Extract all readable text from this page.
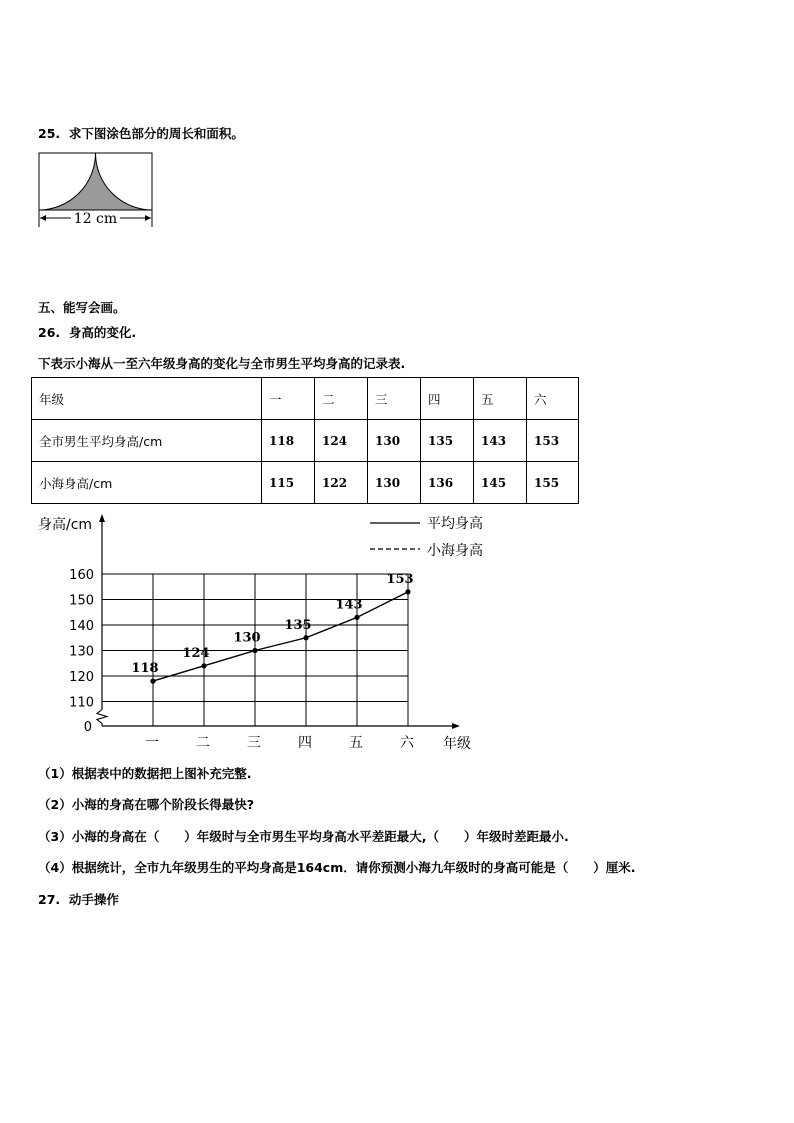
25. 求下图涂色部分的周长和面积。
12 cm
五、能写会画。
26. 身高的变化.
下表示小海从一至六年级身高的变化与全市男生平均身高的记录表.
年级	一	二	三	四	五	六
全市男生平均身高/cm	118	124	130	135	143	153
小海身高/cm	115	122	130	136	145	155
身高/cm	平均身高
小海身高
160
150
140
130
120
110
0
一	二	三	四	五	六
118
124
130
135
143
153
年级
（1）根据表中的数据把上图补充完整.
（2）小海的身高在哪个阶段长得最快?
（3）小海的身高在（　　）年级时与全市男生平均身高水平差距最大,（　　）年级时差距最小.
（4）根据统计，全市九年级男生的平均身高是164cm．请你预测小海九年级时的身高可能是（　　）厘米.
27. 动手操作
